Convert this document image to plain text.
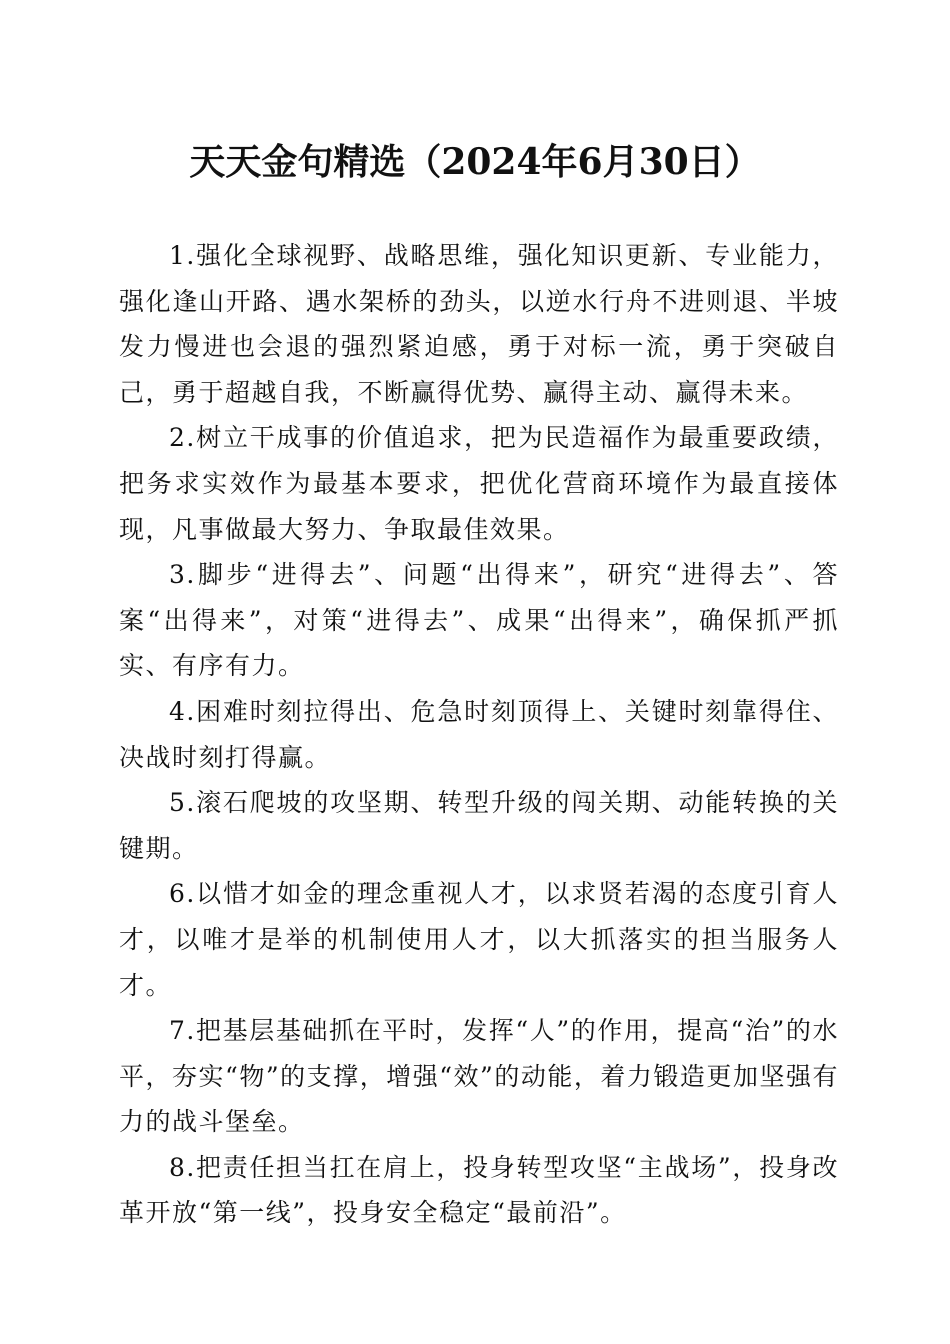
天天金句精选（2024年6月30日）

1.强化全球视野、战略思维，强化知识更新、专业能力，强化逢山开路、遇水架桥的劲头，以逆水行舟不进则退、半坡发力慢进也会退的强烈紧迫感，勇于对标一流，勇于突破自己，勇于超越自我，不断赢得优势、赢得主动、赢得未来。

2.树立干成事的价值追求，把为民造福作为最重要政绩，把务求实效作为最基本要求，把优化营商环境作为最直接体现，凡事做最大努力、争取最佳效果。

3.脚步“进得去”、问题“出得来”，研究“进得去”、答案“出得来”，对策“进得去”、成果“出得来”，确保抓严抓实、有序有力。

4.困难时刻拉得出、危急时刻顶得上、关键时刻靠得住、决战时刻打得赢。

5.滚石爬坡的攻坚期、转型升级的闯关期、动能转换的关键期。

6.以惜才如金的理念重视人才，以求贤若渴的态度引育人才，以唯才是举的机制使用人才，以大抓落实的担当服务人才。

7.把基层基础抓在平时，发挥“人”的作用，提高“治”的水平，夯实“物”的支撑，增强“效”的动能，着力锻造更加坚强有力的战斗堡垒。

8.把责任担当扛在肩上，投身转型攻坚“主战场”，投身改革开放“第一线”，投身安全稳定“最前沿”。
